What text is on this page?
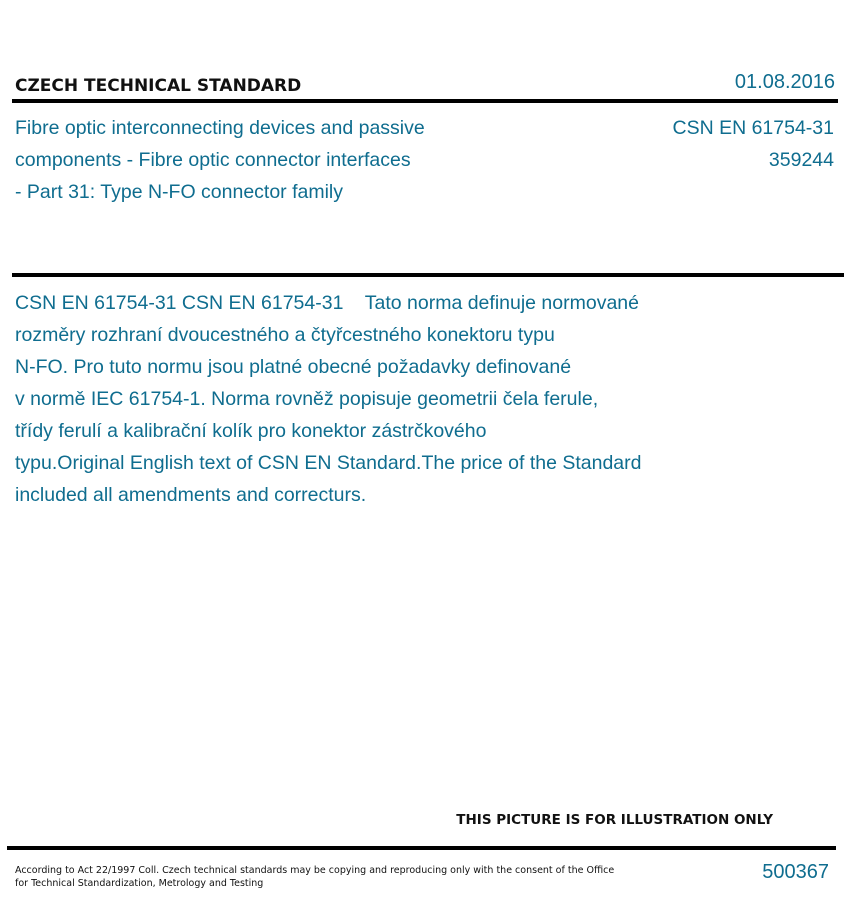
CZECH TECHNICAL STANDARD	01.08.2016
Fibre optic interconnecting devices and passive
components - Fibre optic connector interfaces
- Part 31: Type N-FO connector family
CSN EN 61754-31
359244
CSN EN 61754-31 CSN EN 61754-31    Tato norma definuje normované
rozměry rozhraní dvoucestného a čtyřcestného konektoru typu
N-FO. Pro tuto normu jsou platné obecné požadavky definované
v normě IEC 61754-1. Norma rovněž popisuje geometrii čela ferule,
třídy ferulí a kalibrační kolík pro konektor zástrčkového
typu.Original English text of CSN EN Standard.The price of the Standard
included all amendments and correcturs.
THIS PICTURE IS FOR ILLUSTRATION ONLY
According to Act 22/1997 Coll. Czech technical standards may be copying and reproducing only with the consent of the Office
for Technical Standardization, Metrology and Testing
500367
